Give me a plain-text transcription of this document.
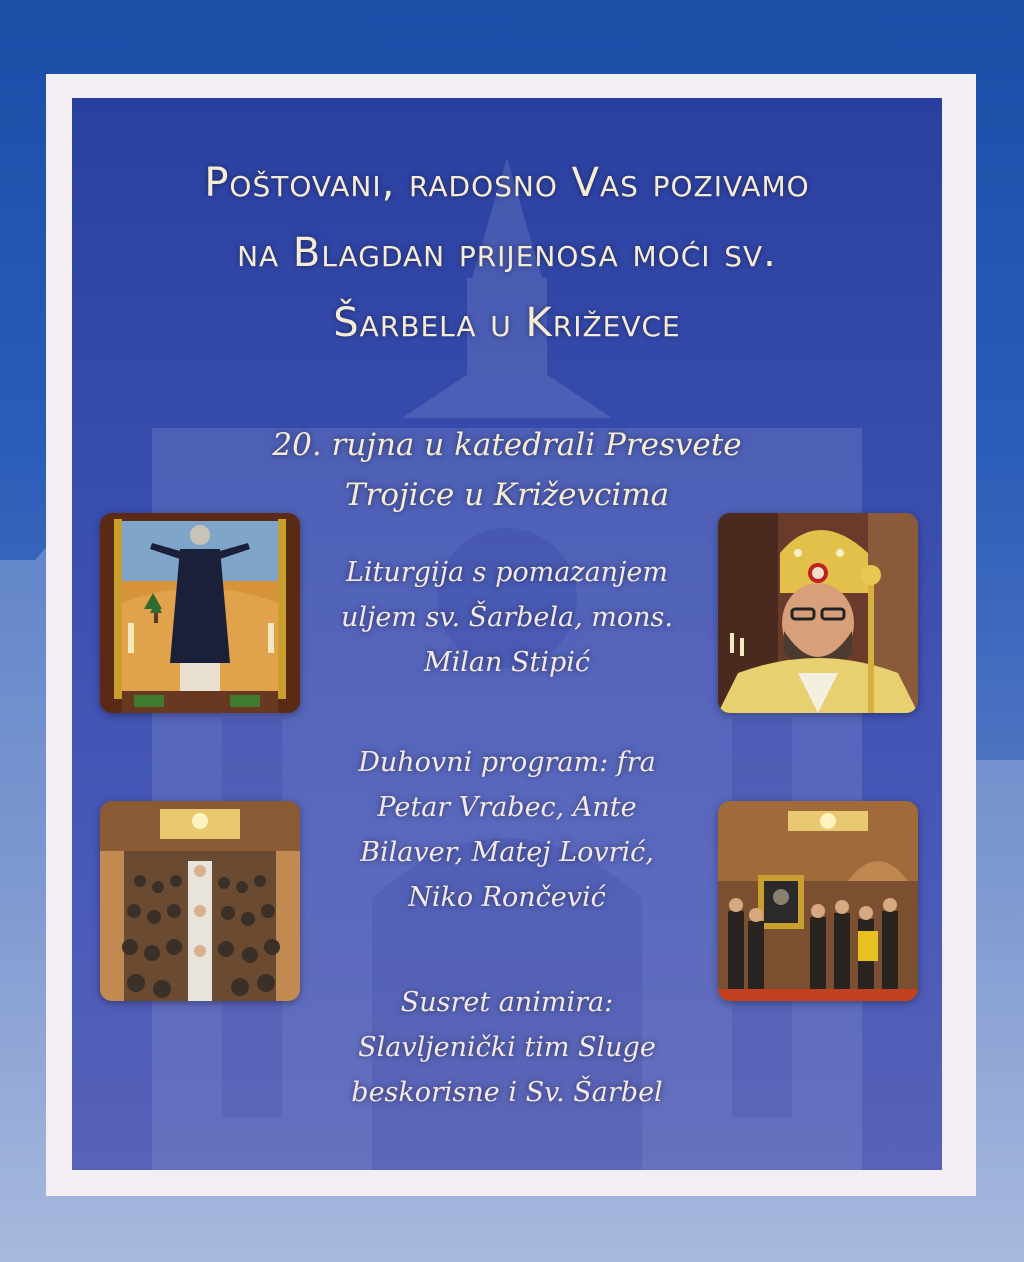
Poštovani, radosno Vas pozivamo
na Blagdan prijenosa moći sv.
Šarbela u Križevce
20. rujna u katedrali Presvete
Trojice u Križevcima
Liturgija s pomazanjem
uljem sv. Šarbela, mons.
Milan Stipić
Duhovni program: fra
Petar Vrabec, Ante
Bilaver, Matej Lovrić,
Niko Rončević
Susret animira:
Slavljenički tim Sluge
beskorisne i Sv. Šarbel
